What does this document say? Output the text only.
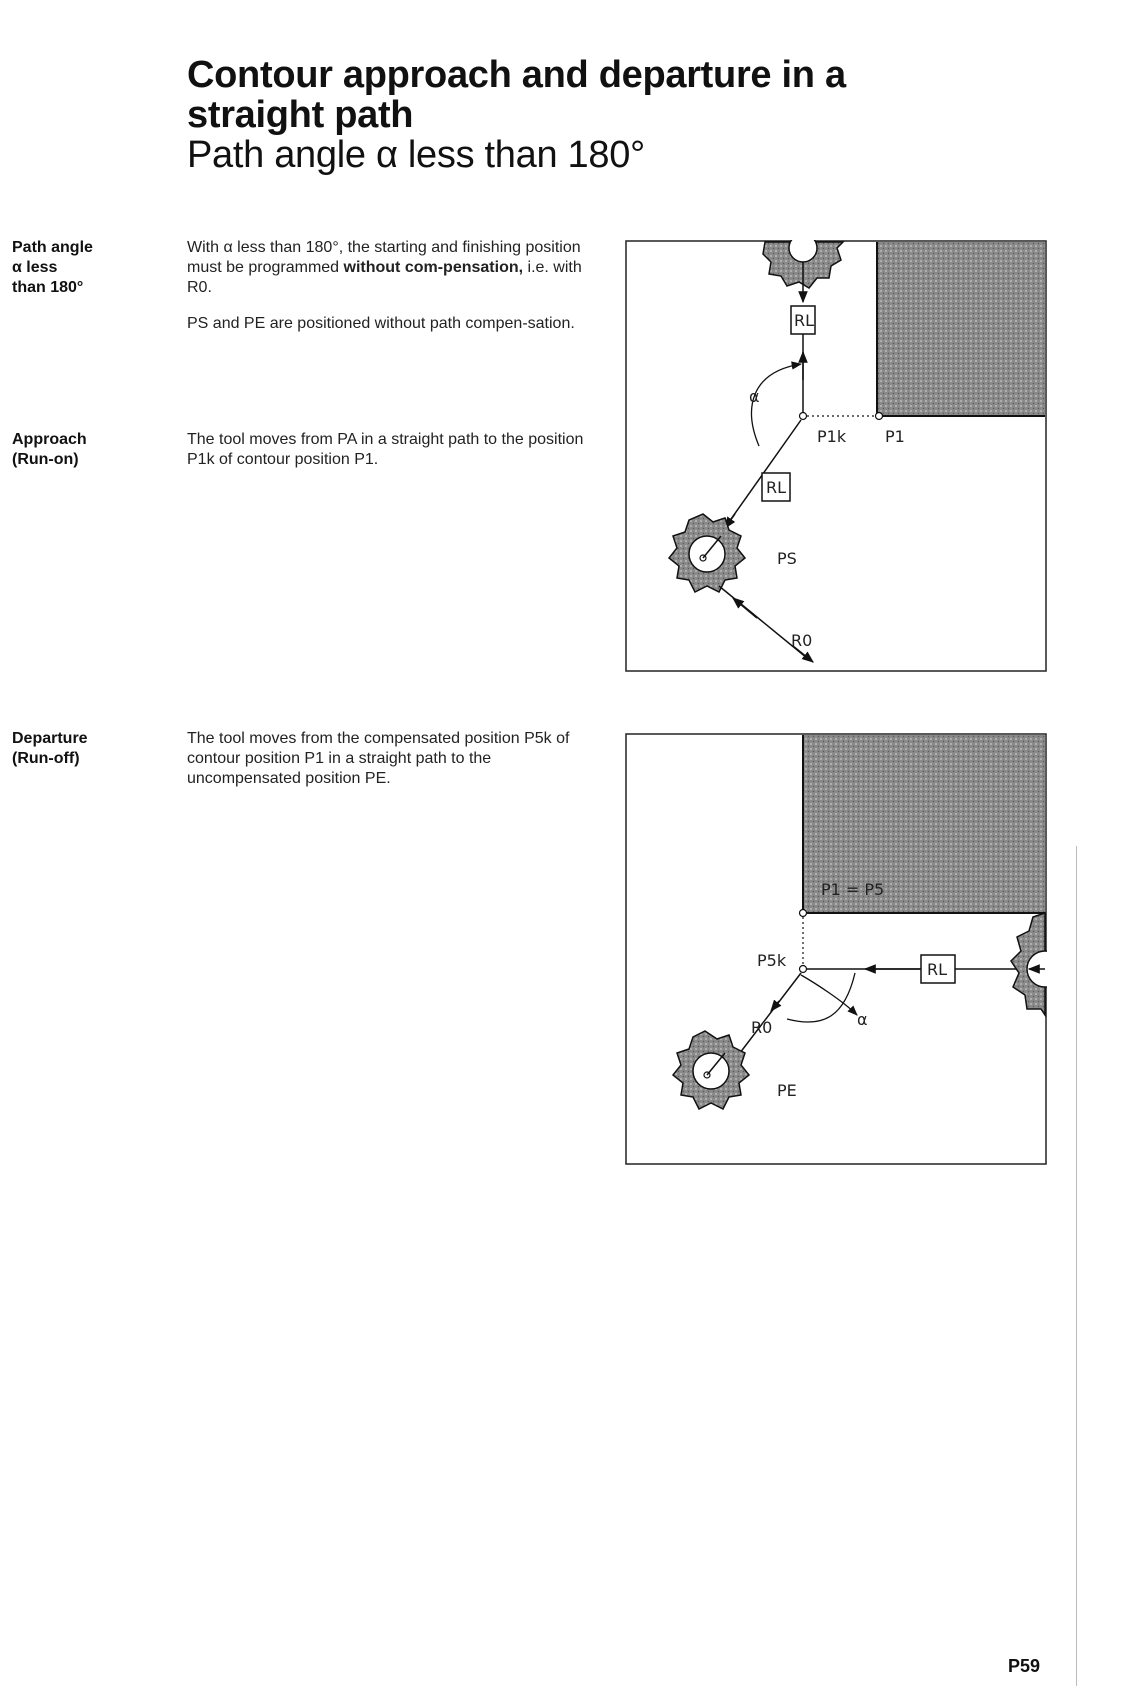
Contour approach and departure in a

straight path

Path angle α less than 180°

Path angle
α less
than 180°

With α less than 180°, the starting and finishing position must be programmed without com-pensation, i.e. with R0.

PS and PE are positioned without path compen-sation.

Approach
(Run-on)

The tool moves from PA in a straight path to the position P1k of contour position P1.

Departure
(Run-off)

The tool moves from the compensated position P5k of contour position P1 in a straight path to the uncompensated position PE.

RL
P1k P1
α
RL
PS
R0
P1 = P5
P5k	RL
α
R0
PE
P59
